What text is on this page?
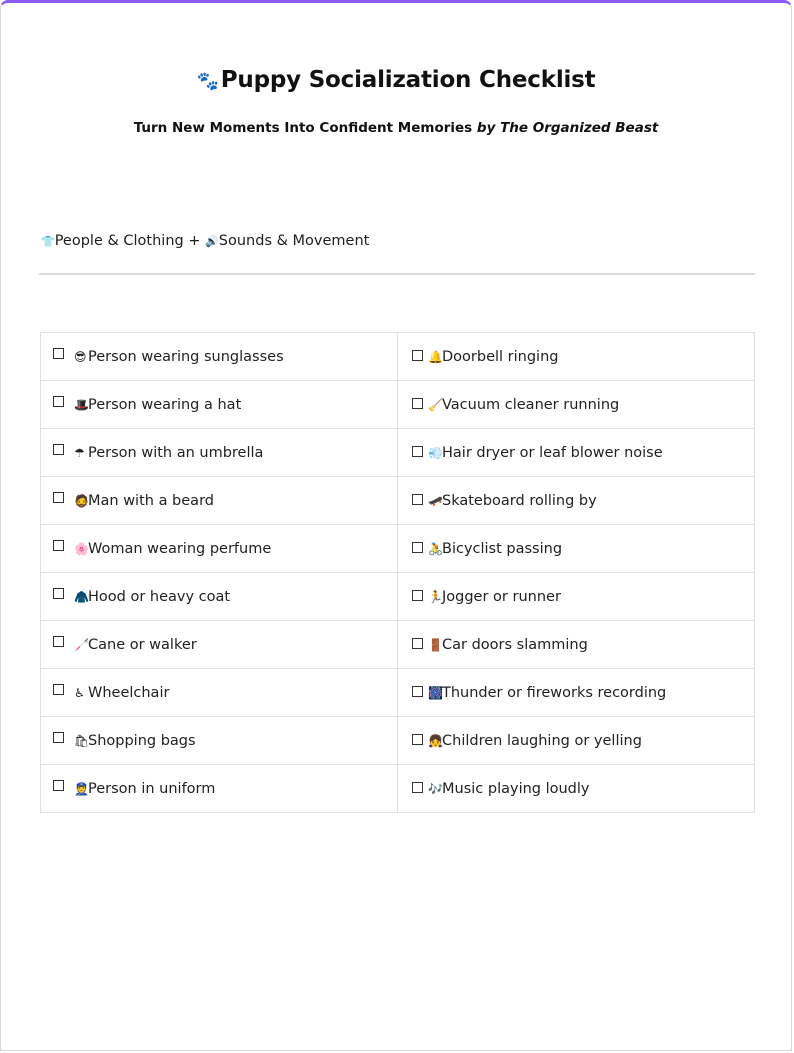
🐾Puppy Socialization Checklist
Turn New Moments Into Confident Memories by The Organized Beast
👕People & Clothing + 🔊Sounds & Movement
😎Person wearing sunglasses	🔔Doorbell ringing
🎩Person wearing a hat	🧹Vacuum cleaner running
☂ Person with an umbrella	💨Hair dryer or leaf blower noise
🧔Man with a beard	🛹Skateboard rolling by
🌸Woman wearing perfume	🚴Bicyclist passing
🧥Hood or heavy coat	🏃Jogger or runner
🦯Cane or walker	🚪Car doors slamming
♿ Wheelchair	🎆Thunder or fireworks recording
🛍Shopping bags	👧Children laughing or yelling
👮Person in uniform	🎶Music playing loudly
